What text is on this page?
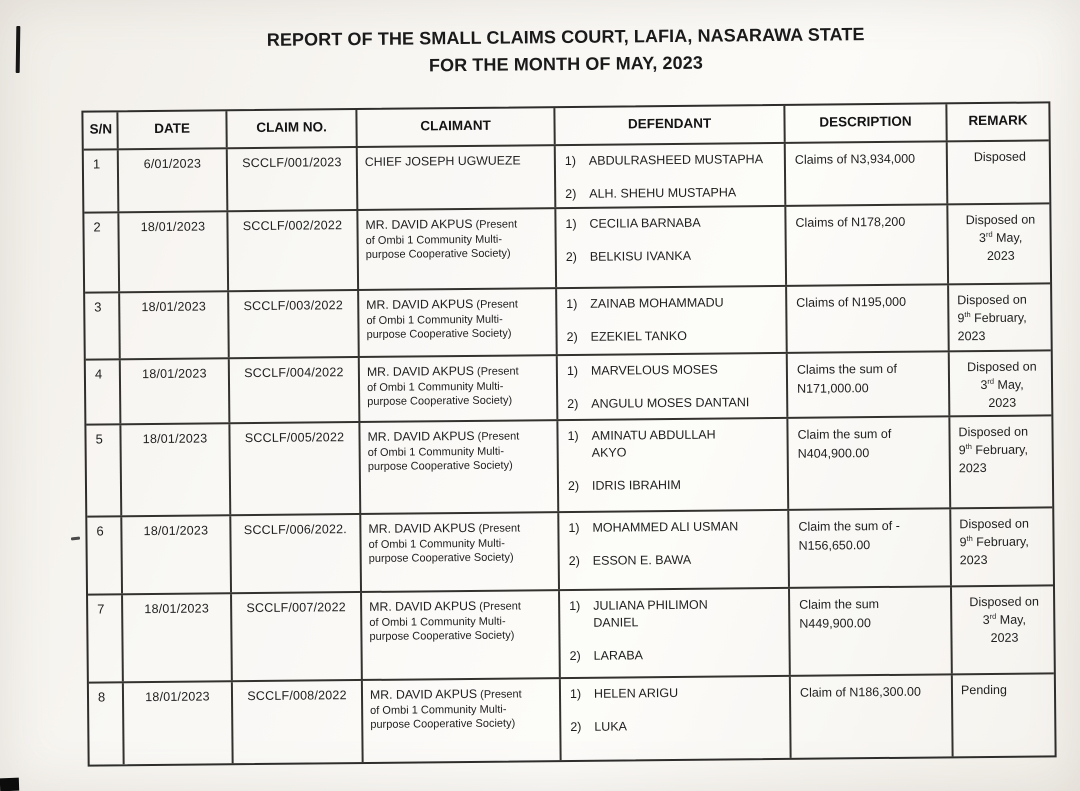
REPORT OF THE SMALL CLAIMS COURT, LAFIA, NASARAWA STATE
FOR THE MONTH OF MAY, 2023
S/N	DATE	CLAIM NO.	CLAIMANT	DEFENDANT	DESCRIPTION	REMARK
1	6/01/2023	SCCLF/001/2023	CHIEF JOSEPH UGWUEZE	1)	ABDULRASHEED MUSTAPHA
2)	ALH. SHEHU MUSTAPHA
Claims of N3,934,000	Disposed
2	18/01/2023	SCCLF/002/2022	MR. DAVID AKPUS (Present
of Ombi 1 Community Multi-
purpose Cooperative Society)
1)	CECILIA BARNABA
2)	BELKISU IVANKA
Claims of N178,200	Disposed on
3rd May,
2023
3	18/01/2023	SCCLF/003/2022	MR. DAVID AKPUS (Present
of Ombi 1 Community Multi-
purpose Cooperative Society)
1)	ZAINAB MOHAMMADU
2)	EZEKIEL TANKO
Claims of N195,000	Disposed on
9th February,
2023
4	18/01/2023	SCCLF/004/2022	MR. DAVID AKPUS (Present
of Ombi 1 Community Multi-
purpose Cooperative Society)
1)	MARVELOUS MOSES
2)	ANGULU MOSES DANTANI
Claims the sum of
N171,000.00
Disposed on
3rd May,
2023
5	18/01/2023	SCCLF/005/2022	MR. DAVID AKPUS (Present
of Ombi 1 Community Multi-
purpose Cooperative Society)
1)	AMINATU ABDULLAH
AKYO
2)	IDRIS IBRAHIM
Claim the sum of
N404,900.00
Disposed on
9th February,
2023
6	18/01/2023	SCCLF/006/2022.	MR. DAVID AKPUS (Present
of Ombi 1 Community Multi-
purpose Cooperative Society)
1)	MOHAMMED ALI USMAN
2)	ESSON E. BAWA
Claim the sum of -
N156,650.00
Disposed on
9th February,
2023
7	18/01/2023	SCCLF/007/2022	MR. DAVID AKPUS (Present
of Ombi 1 Community Multi-
purpose Cooperative Society)
1)	JULIANA PHILIMON
DANIEL
2)	LARABA
Claim the sum
N449,900.00
Disposed on
3rd May,
2023
8	18/01/2023	SCCLF/008/2022	MR. DAVID AKPUS (Present
of Ombi 1 Community Multi-
purpose Cooperative Society)
1)	HELEN ARIGU
2)	LUKA
Claim of N186,300.00	Pending
